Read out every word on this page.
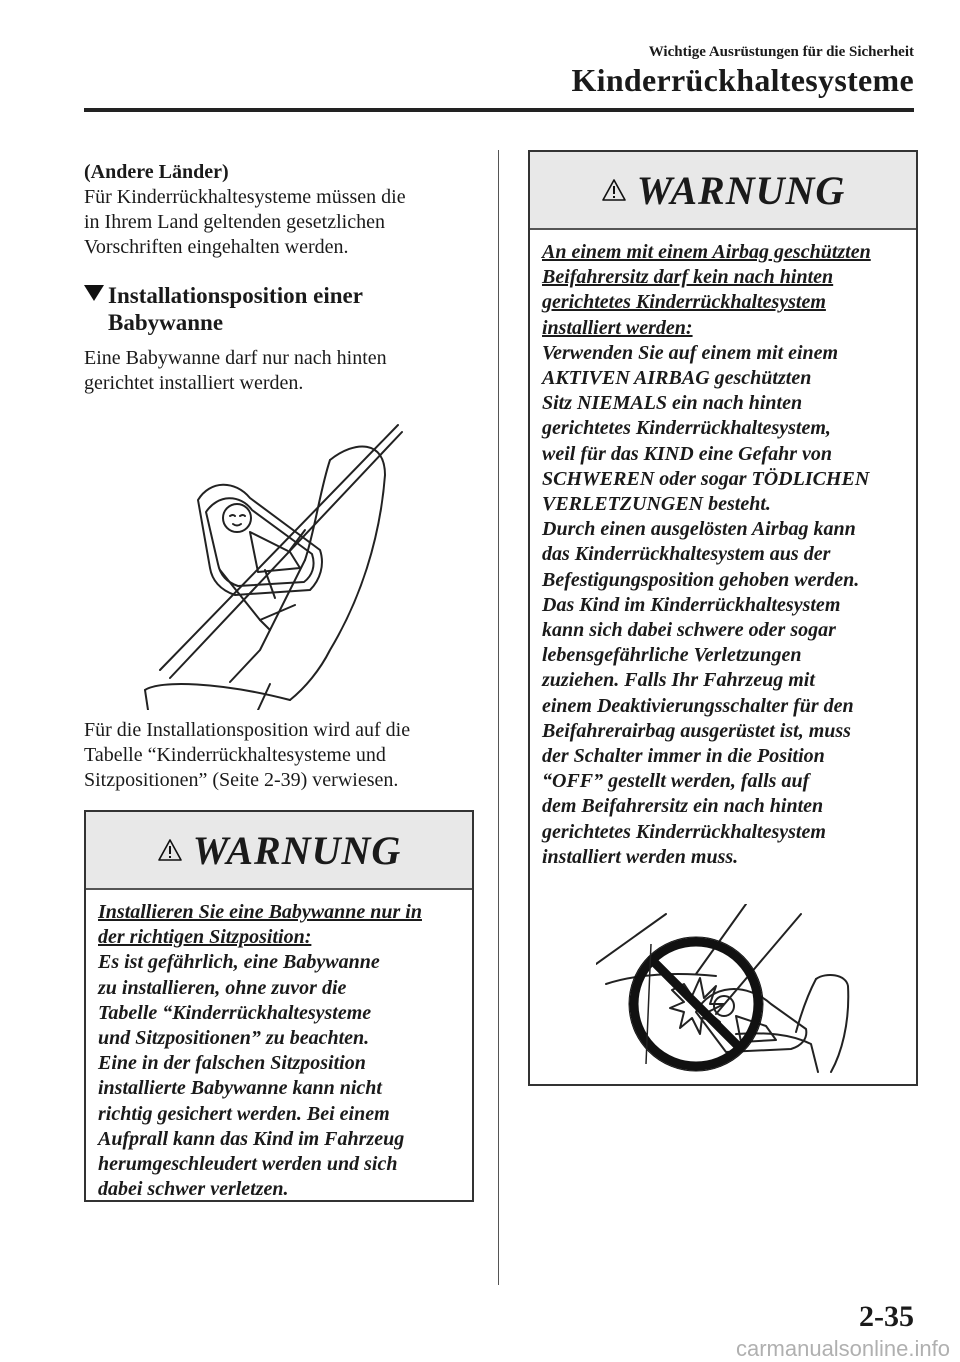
Wichtige Ausrüstungen für die Sicherheit
Kinderrückhaltesysteme

(Andere Länder)

Für Kinderrückhaltesysteme müssen die

in Ihrem Land geltenden gesetzlichen

Vorschriften eingehalten werden.

Installationsposition einer
Babywanne

Eine Babywanne darf nur nach hinten

gerichtet installiert werden.

Für die Installationsposition wird auf die

Tabelle “Kinderrückhaltesysteme und

Sitzpositionen” (Seite 2-39) verwiesen.

WARNUNG
Installieren Sie eine Babywanne nur in
der richtigen Sitzposition:
Es ist gefährlich, eine Babywanne
zu installieren, ohne zuvor die
Tabelle “Kinderrückhaltesysteme
und Sitzpositionen” zu beachten.
Eine in der falschen Sitzposition
installierte Babywanne kann nicht
richtig gesichert werden. Bei einem
Aufprall kann das Kind im Fahrzeug
herumgeschleudert werden und sich
dabei schwer verletzen.
WARNUNG
An einem mit einem Airbag geschützten
Beifahrersitz darf kein nach hinten
gerichtetes Kinderrückhaltesystem
installiert werden:
Verwenden Sie auf einem mit einem
AKTIVEN AIRBAG geschützten
Sitz NIEMALS ein nach hinten
gerichtetes Kinderrückhaltesystem,
weil für das KIND eine Gefahr von
SCHWEREN oder sogar TÖDLICHEN
VERLETZUNGEN besteht.
Durch einen ausgelösten Airbag kann
das Kinderrückhaltesystem aus der
Befestigungsposition gehoben werden.
Das Kind im Kinderrückhaltesystem
kann sich dabei schwere oder sogar
lebensgefährliche Verletzungen
zuziehen. Falls Ihr Fahrzeug mit
einem Deaktivierungsschalter für den
Beifahrerairbag ausgerüstet ist, muss
der Schalter immer in die Position
“OFF” gestellt werden, falls auf
dem Beifahrersitz ein nach hinten
gerichtetes Kinderrückhaltesystem
installiert werden muss.
2-35
carmanualsonline.info
